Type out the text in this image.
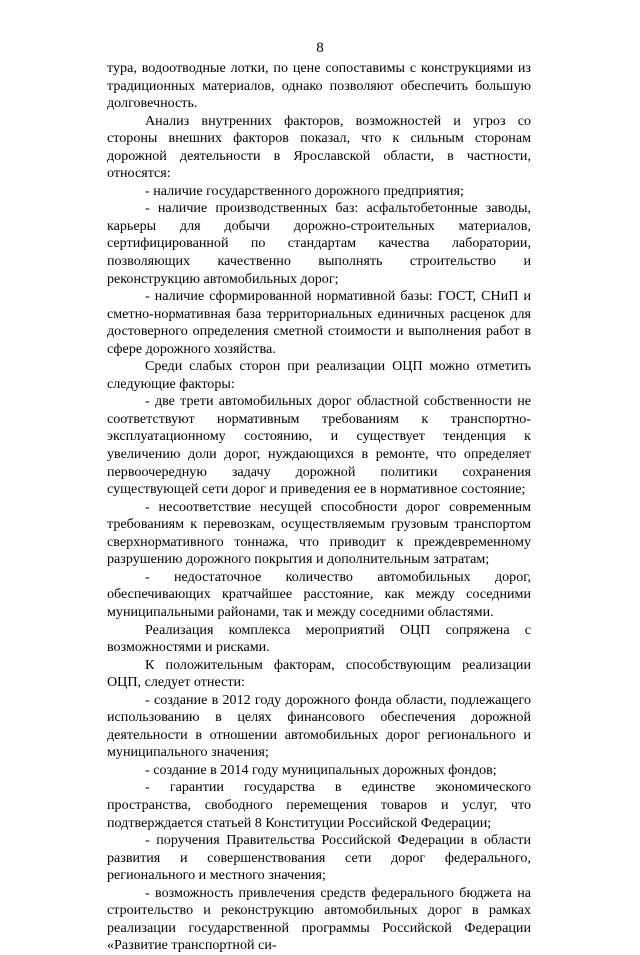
8

тура, водоотводные лотки, по цене сопоставимы с конструкциями из традиционных материалов, однако позволяют обеспечить большую долговечность.

Анализ внутренних факторов, возможностей и угроз со стороны внешних факторов показал, что к сильным сторонам дорожной деятельности в Ярославской области, в частности, относятся:

- наличие государственного дорожного предприятия;

- наличие производственных баз: асфальтобетонные заводы, карьеры для добычи дорожно-строительных материалов, сертифицированной по стандартам качества лаборатории, позволяющих качественно выполнять строительство и реконструкцию автомобильных дорог;

- наличие сформированной нормативной базы: ГОСТ, СНиП и сметно-нормативная база территориальных единичных расценок для достоверного определения сметной стоимости и выполнения работ в сфере дорожного хозяйства.

Среди слабых сторон при реализации ОЦП можно отметить следующие факторы:

- две трети автомобильных дорог областной собственности не соответствуют нормативным требованиям к транспортно-эксплуатационному состоянию, и существует тенденция к увеличению доли дорог, нуждающихся в ремонте, что определяет первоочередную задачу дорожной политики сохранения существующей сети дорог и приведения ее в нормативное состояние;

- несоответствие несущей способности дорог современным требованиям к перевозкам, осуществляемым грузовым транспортом сверхнормативного тоннажа, что приводит к преждевременному разрушению дорожного покрытия и дополнительным затратам;

- недостаточное количество автомобильных дорог, обеспечивающих кратчайшее расстояние, как между соседними муниципальными районами, так и между соседними областями.

Реализация комплекса мероприятий ОЦП сопряжена с возможностями и рисками.

К положительным факторам, способствующим реализации ОЦП, следует отнести:

- создание в 2012 году дорожного фонда области, подлежащего использованию в целях финансового обеспечения дорожной деятельности в отношении автомобильных дорог регионального и муниципального значения;

- создание в 2014 году муниципальных дорожных фондов;

- гарантии государства в единстве экономического пространства, свободного перемещения товаров и услуг, что подтверждается статьей 8 Конституции Российской Федерации;

- поручения Правительства Российской Федерации в области развития и совершенствования сети дорог федерального, регионального и местного значения;

- возможность привлечения средств федерального бюджета на строительство и реконструкцию автомобильных дорог в рамках реализации государственной программы Российской Федерации «Развитие транспортной си-
